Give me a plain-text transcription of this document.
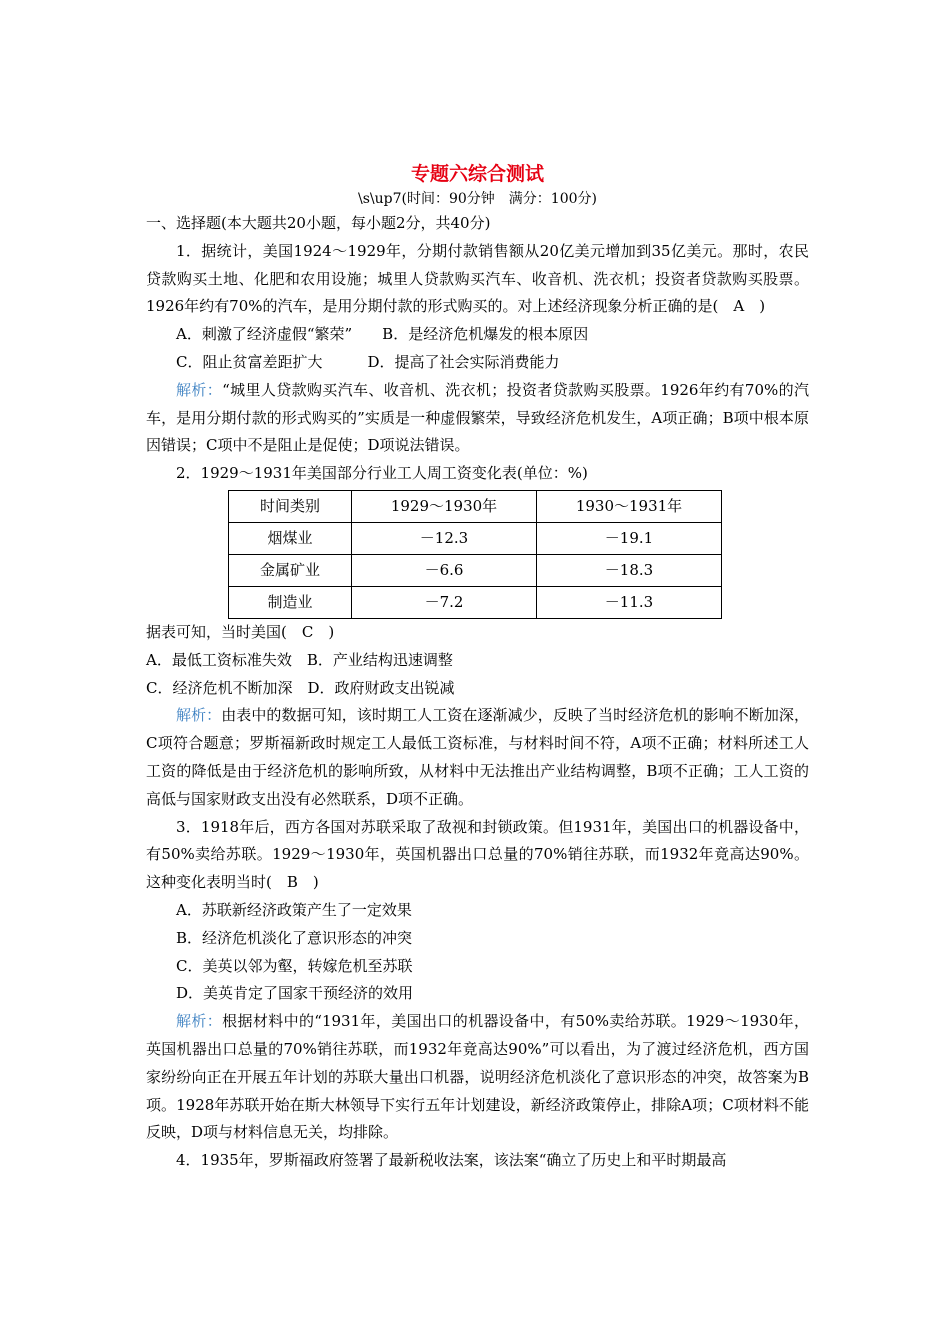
专题六综合测试

\s\up7(时间：90分钟　满分：100分)

一、选择题(本大题共20小题，每小题2分，共40分)

1．据统计，美国1924～1929年，分期付款销售额从20亿美元增加到35亿美元。那时，农民贷款购买土地、化肥和农用设施；城里人贷款购买汽车、收音机、洗衣机；投资者贷款购买股票。1926年约有70%的汽车，是用分期付款的形式购买的。对上述经济现象分析正确的是(　A　)

A．刺激了经济虚假“繁荣”　　B．是经济危机爆发的根本原因

C．阻止贫富差距扩大　　　D．提高了社会实际消费能力

解析：“城里人贷款购买汽车、收音机、洗衣机；投资者贷款购买股票。1926年约有70%的汽车，是用分期付款的形式购买的”实质是一种虚假繁荣，导致经济危机发生，A项正确；B项中根本原因错误；C项中不是阻止是促使；D项说法错误。

2．1929～1931年美国部分行业工人周工资变化表(单位：%)

时间类别	1929～1930年	1930～1931年
烟煤业	－12.3	－19.1
金属矿业	－6.6	－18.3
制造业	－7.2	－11.3

据表可知，当时美国(　C　)

A．最低工资标准失效　B．产业结构迅速调整

C．经济危机不断加深　D．政府财政支出锐减

解析：由表中的数据可知，该时期工人工资在逐渐减少，反映了当时经济危机的影响不断加深，C项符合题意；罗斯福新政时规定工人最低工资标准，与材料时间不符，A项不正确；材料所述工人工资的降低是由于经济危机的影响所致，从材料中无法推出产业结构调整，B项不正确；工人工资的高低与国家财政支出没有必然联系，D项不正确。

3．1918年后，西方各国对苏联采取了敌视和封锁政策。但1931年，美国出口的机器设备中，有50%卖给苏联。1929～1930年，英国机器出口总量的70%销往苏联，而1932年竟高达90%。这种变化表明当时(　B　)

A．苏联新经济政策产生了一定效果

B．经济危机淡化了意识形态的冲突

C．美英以邻为壑，转嫁危机至苏联

D．美英肯定了国家干预经济的效用

解析：根据材料中的“1931年，美国出口的机器设备中，有50%卖给苏联。1929～1930年，英国机器出口总量的70%销往苏联，而1932年竟高达90%”可以看出，为了渡过经济危机，西方国家纷纷向正在开展五年计划的苏联大量出口机器，说明经济危机淡化了意识形态的冲突，故答案为B项。1928年苏联开始在斯大林领导下实行五年计划建设，新经济政策停止，排除A项；C项材料不能反映，D项与材料信息无关，均排除。

4．1935年，罗斯福政府签署了最新税收法案，该法案“确立了历史上和平时期最高
